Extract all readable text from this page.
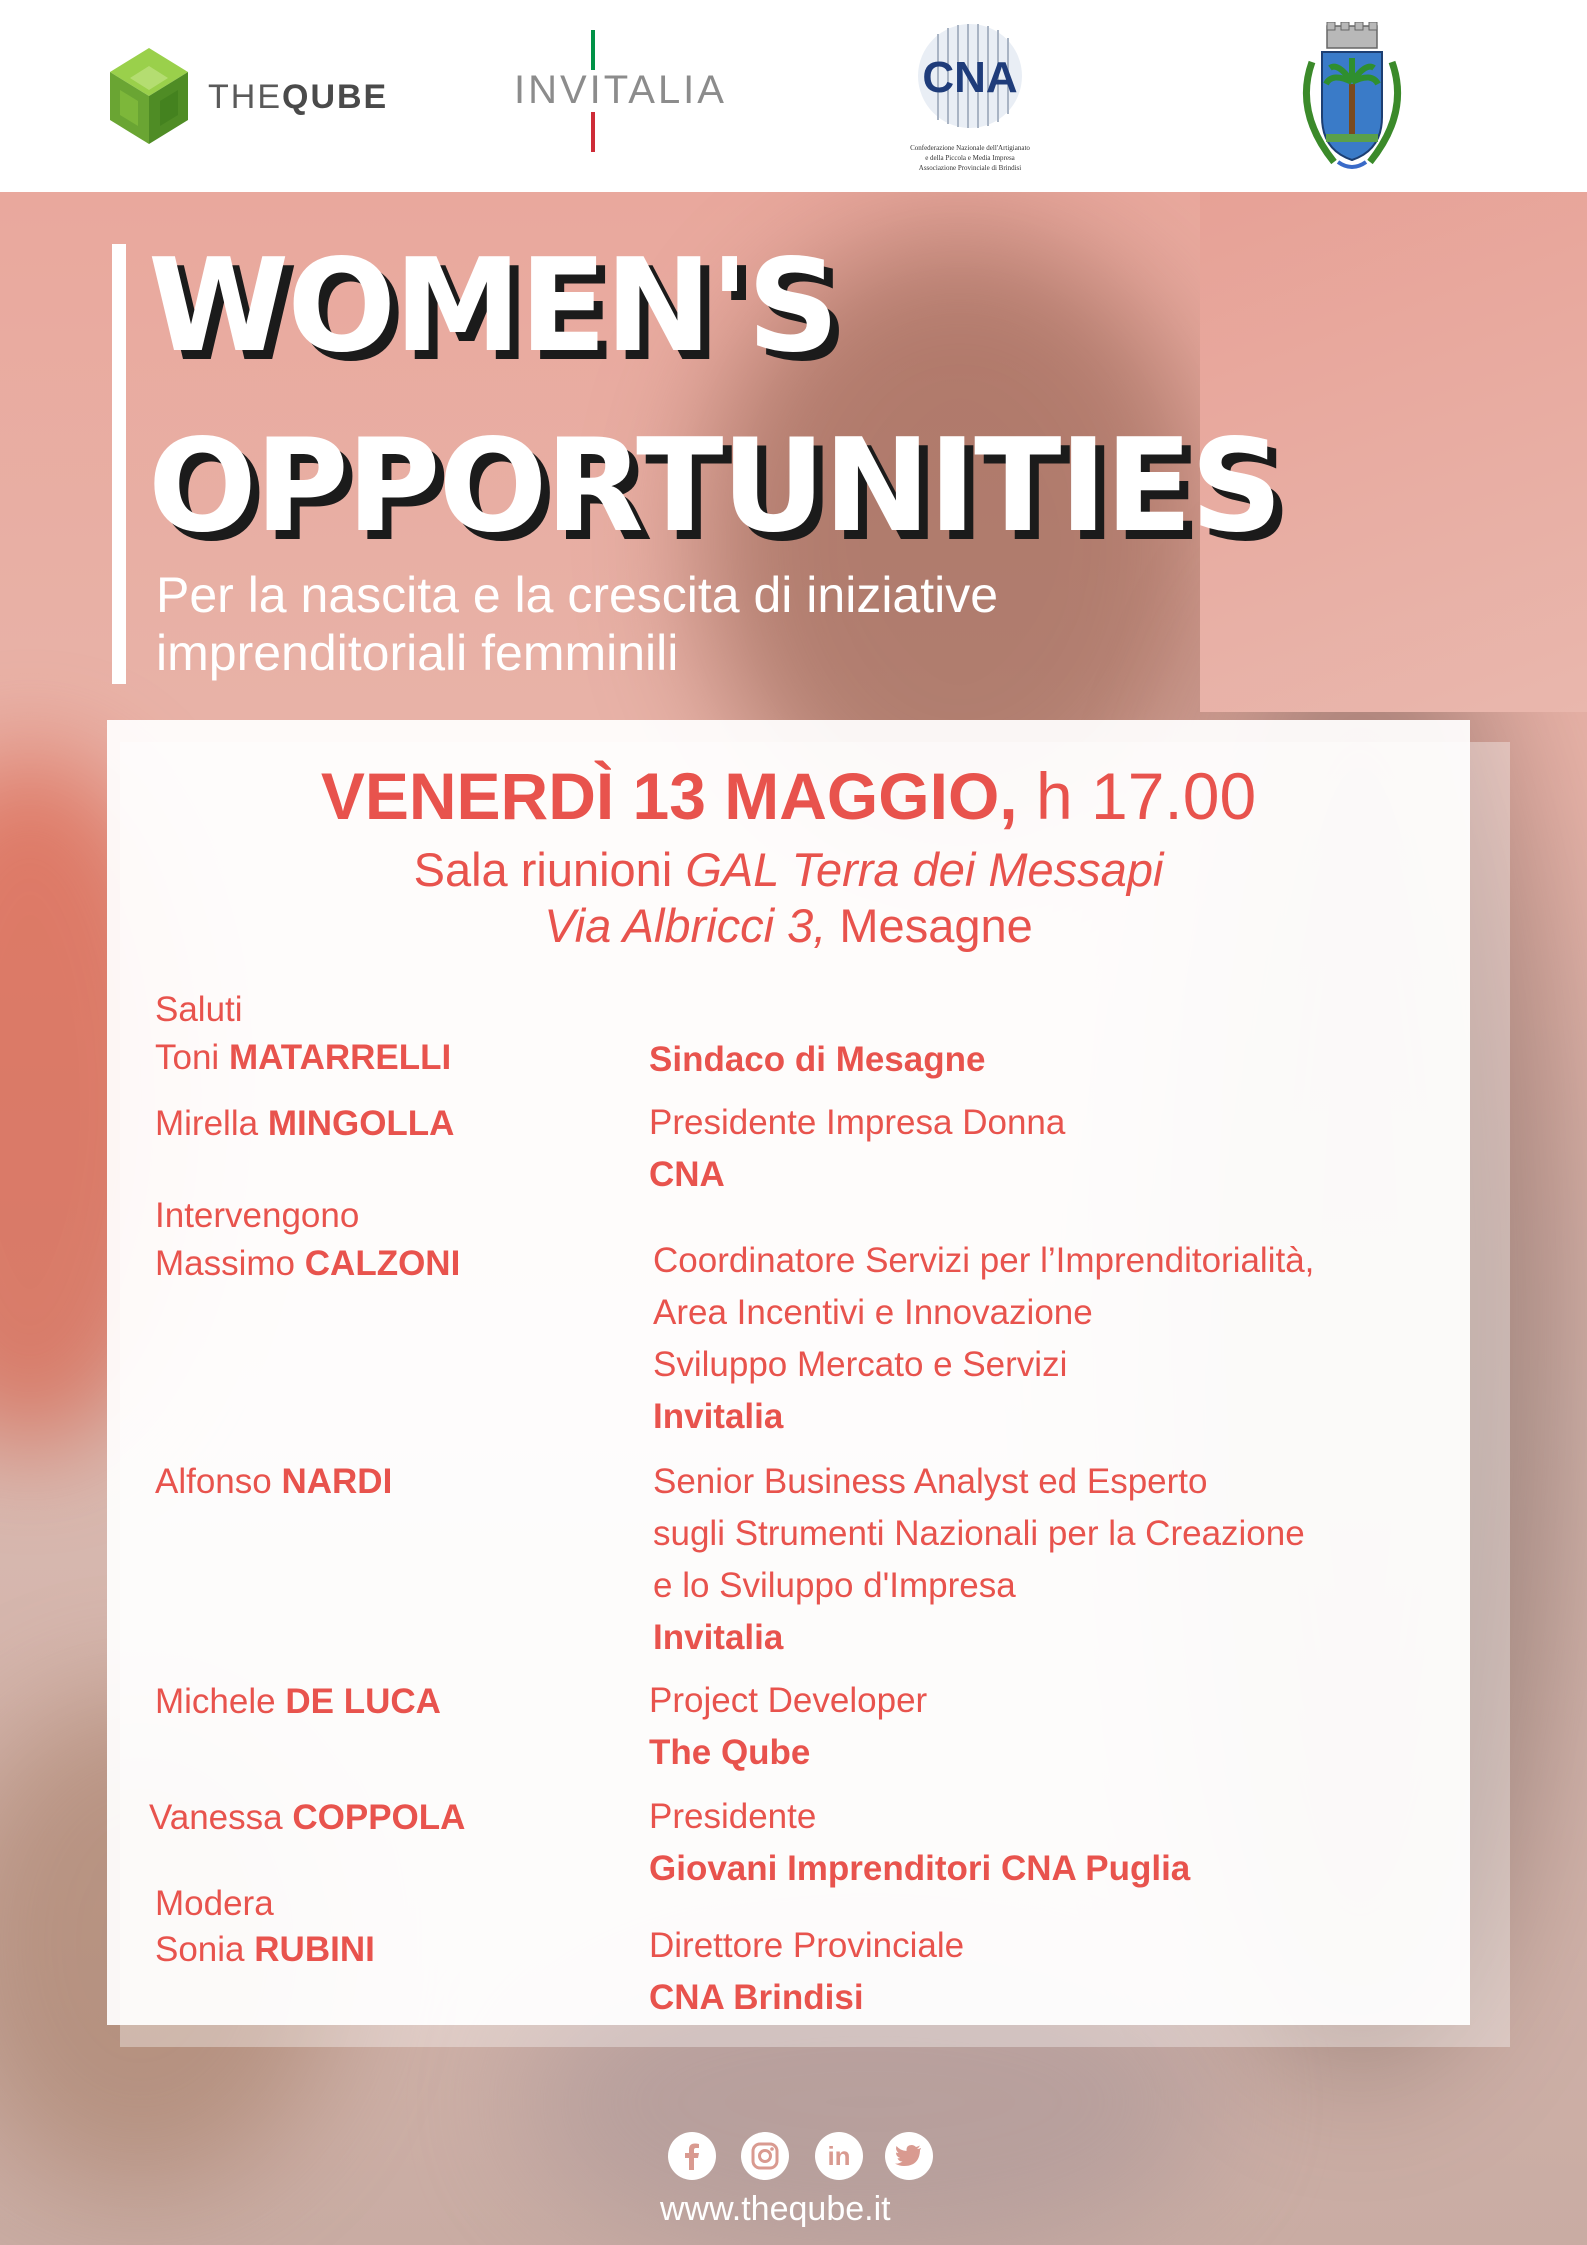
THEQUBE	INVITALIA	CNA
Confederazione Nazionale dell'Artigianato
e della Piccola e Media Impresa
Associazione Provinciale di Brindisi
WOMEN'S
OPPORTUNITIES
Per la nascita e la crescita di iniziative
imprenditoriali femminili
VENERDÌ 13 MAGGIO, h 17.00
Sala riunioni GAL Terra dei Messapi
Via Albricci 3, Mesagne
Saluti
Toni MATARRELLI	Sindaco di Mesagne
Mirella MINGOLLA	Presidente Impresa Donna
CNA
Intervengono
Massimo CALZONI	Coordinatore Servizi per l’Imprenditorialità,
Area Incentivi e Innovazione
Sviluppo Mercato e Servizi
Invitalia
Alfonso NARDI	Senior Business Analyst ed Esperto
sugli Strumenti Nazionali per la Creazione
e lo Sviluppo d'Impresa
Invitalia
Michele DE LUCA	Project Developer
The Qube
Vanessa COPPOLA	Presidente
Giovani Imprenditori CNA Puglia
Modera
Sonia RUBINI	Direttore Provinciale
CNA Brindisi
in
www.theqube.it
